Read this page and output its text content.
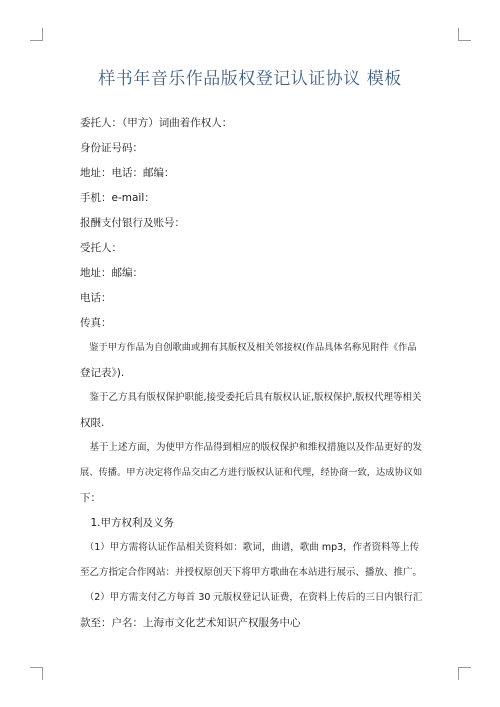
样书年音乐作品版权登记认证协议 模板

委托人：（甲方）词曲着作权人：

身份证号码：

地址：电话：邮编：

手机：e-mail：

报酬支付银行及账号：

受托人：

地址：邮编：

电话：

传真：

　鉴于甲方作品为自创歌曲或拥有其版权及相关邻接权(作品具体名称见附件《作品
登记表》).
　鉴于乙方具有版权保护职能,接受委托后具有版权认证,版权保护,版权代理等相关
权限.
　基于上述方面，为使甲方作品得到相应的版权保护和维权措施以及作品更好的发
展、传播。甲方决定将作品交由乙方进行版权认证和代理，经协商一致，达成协议如
下：
　1.甲方权利及义务
　（1）甲方需将认证作品相关资料如：歌词，曲谱，歌曲 mp3，作者资料等上传
至乙方指定合作网站：并授权原创天下将甲方歌曲在本站进行展示、播放、推广。
　（2）甲方需支付乙方每首 30 元版权登记认证费，在资料上传后的三日内银行汇
款至：户名：上海市文化艺术知识产权服务中心
